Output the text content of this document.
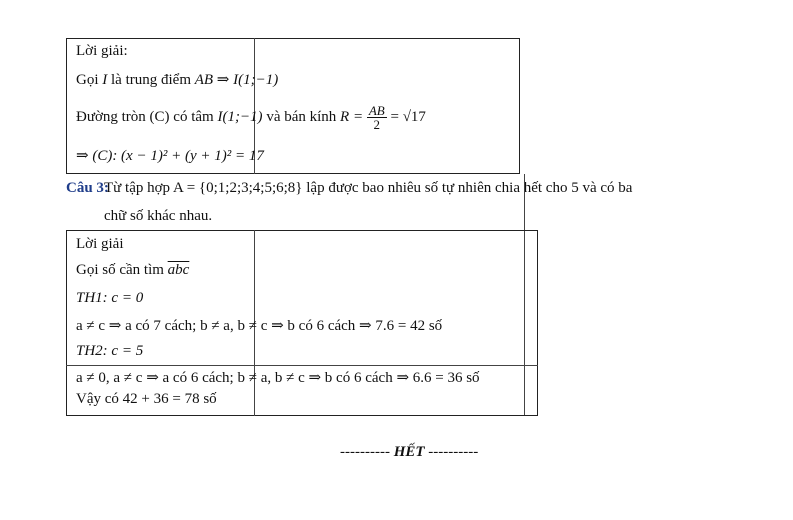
Lời giải:
Gọi I là trung điểm AB ⇒ I(1;−1)
Đường tròn (C) có tâm I(1;−1) và bán kính $R = \frac{AB}{2} = √17$
⇒ (C): (x − 1)² + (y + 1)² = 17
Câu 3:
Từ tập hợp A = {0;1;2;3;4;5;6;8} lập được bao nhiêu số tự nhiên chia hết cho 5 và có ba
chữ số khác nhau.
Lời giải
Gọi số cần tìm $\overline{abc}$
TH1: c = 0
a ≠ c ⇒ a có 7 cách; b ≠ a, b ≠ c ⇒ b có 6 cách ⇒ 7.6 = 42 số
TH2: c = 5
a ≠ 0, a ≠ c ⇒ a có 6 cách; b ≠ a, b ≠ c ⇒ b có 6 cách ⇒ 6.6 = 36 số
Vậy có 42 + 36 = 78 số
---------- HẾT ----------
